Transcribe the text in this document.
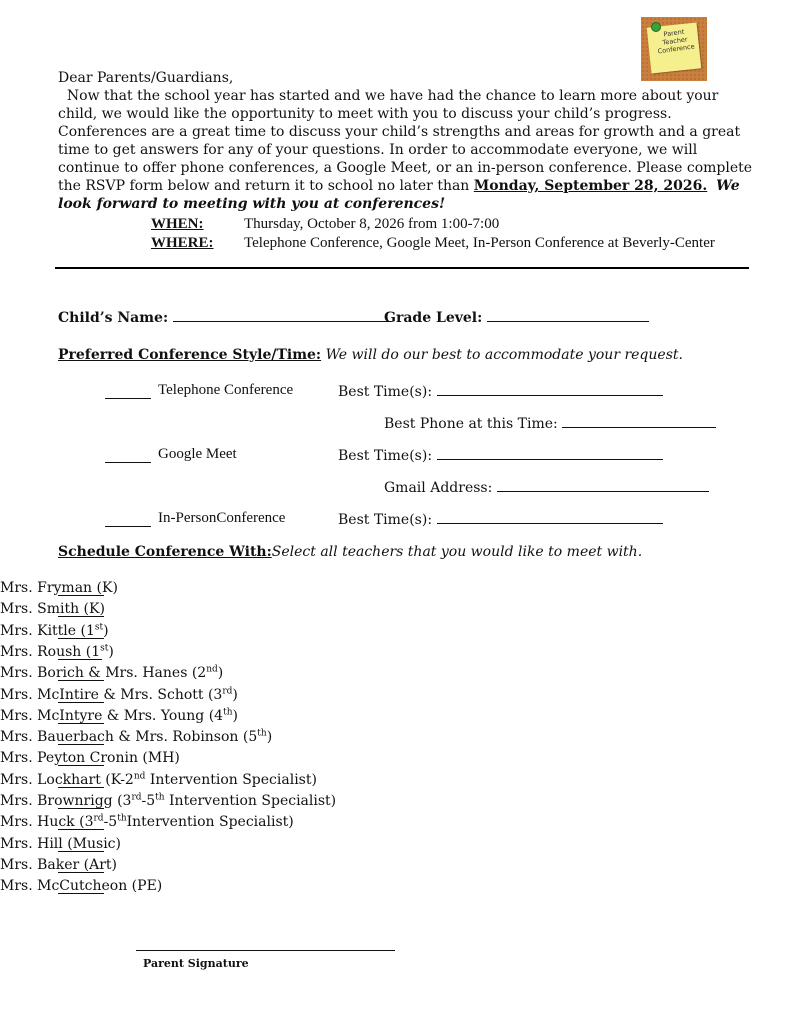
Parent Teacher Conference
Dear Parents/Guardians,
Now that the school year has started and we have had the chance to learn more about your child, we would like the opportunity to meet with you to discuss your child’s progress. Conferences are a great time to discuss your child’s strengths and areas for growth and a great time to get answers for any of your questions. In order to accommodate everyone, we will continue to offer phone conferences, a Google Meet, or an in-person conference. Please complete the RSVP form below and return it to school no later than Monday, September 28, 2026. We look forward to meeting with you at conferences!
WHEN:	Thursday, October 8, 2026 from 1:00-7:00
WHERE: Telephone Conference, Google Meet, In-Person Conference at Beverly-Center
Child’s Name:	Grade Level:
Preferred Conference Style/Time: We will do our best to accommodate your request.
Telephone Conference	Best Time(s):
Best Phone at this Time:
Google Meet	Best Time(s):
Gmail Address:
In-PersonConference	Best Time(s):
Schedule Conference With:Select all teachers that you would like to meet with.
Mrs. Fryman (K)
Mrs. Smith (K)
Mrs. Kittle (1st)
Mrs. Roush (1st)
Mrs. Borich & Mrs. Hanes (2nd)
Mrs. McIntire & Mrs. Schott (3rd)
Mrs. McIntyre & Mrs. Young (4th)
Mrs. Bauerbach & Mrs. Robinson (5th)
Mrs. Peyton Cronin (MH)
Mrs. Lockhart (K-2nd Intervention Specialist)
Mrs. Brownrigg (3rd-5th Intervention Specialist)
Mrs. Huck (3rd-5thIntervention Specialist)
Mrs. Hill (Music)
Mrs. Baker (Art)
Mrs. McCutcheon (PE)
Parent Signature
